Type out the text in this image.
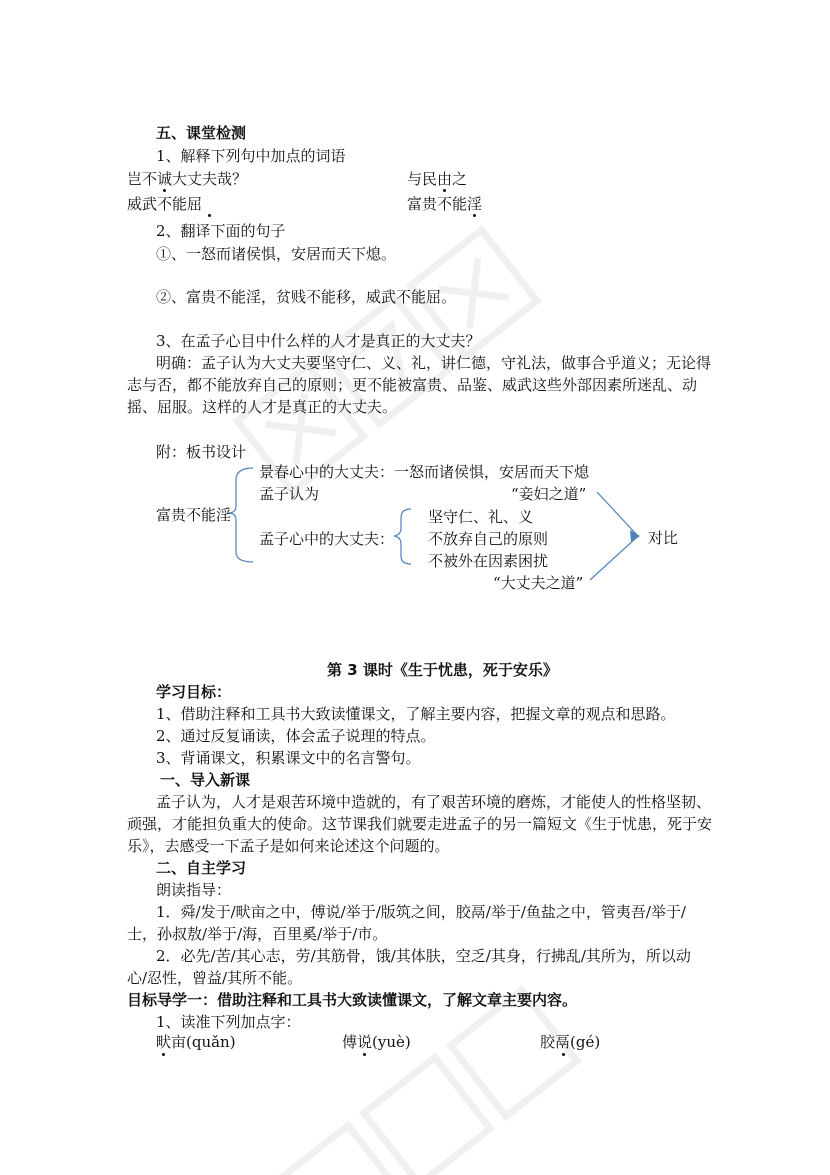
五、课堂检测
1、解释下列句中加点的词语
岂不诚大丈夫哉？	与民由之
威武不能屈	富贵不能淫
2、翻译下面的句子
①、一怒而诸侯惧，安居而天下熄。
②、富贵不能淫，贫贱不能移，威武不能屈。
3、在孟子心目中什么样的人才是真正的大丈夫？
明确：孟子认为大丈夫要坚守仁、义、礼，讲仁德，守礼法，做事合乎道义；无论得
志与否，都不能放弃自己的原则；更不能被富贵、品鉴、威武这些外部因素所迷乱、动
摇、屈服。这样的人才是真正的大丈夫。
附：板书设计
富贵不能淫
景春心中的大丈夫：一怒而诸侯惧，安居而天下熄
孟子认为	“妾妇之道”
孟子心中的大丈夫：
坚守仁、礼、义
不放弃自己的原则
不被外在因素困扰
“大丈夫之道”
对比
第 3 课时《生于忧患，死于安乐》
学习目标：
1、借助注释和工具书大致读懂课文，了解主要内容，把握文章的观点和思路。
2、通过反复诵读，体会孟子说理的特点。
3、背诵课文，积累课文中的名言警句。
一、导入新课
孟子认为，人才是艰苦环境中造就的，有了艰苦环境的磨炼，才能使人的性格坚韧、
顽强，才能担负重大的使命。这节课我们就要走进孟子的另一篇短文《生于忧患，死于安
乐》，去感受一下孟子是如何来论述这个问题的。
二、自主学习
朗读指导：
1．舜/发于/畎亩之中，傅说/举于/版筑之间，胶鬲/举于/鱼盐之中，管夷吾/举于/
士，孙叔敖/举于/海，百里奚/举于/市。
2．必先/苦/其心志，劳/其筋骨，饿/其体肤，空乏/其身，行拂乱/其所为，所以动
心/忍性，曾益/其所不能。
目标导学一：借助注释和工具书大致读懂课文，了解文章主要内容。
1、读准下列加点字：
畎亩(quǎn)	傅说(yuè)	胶鬲(gé)
